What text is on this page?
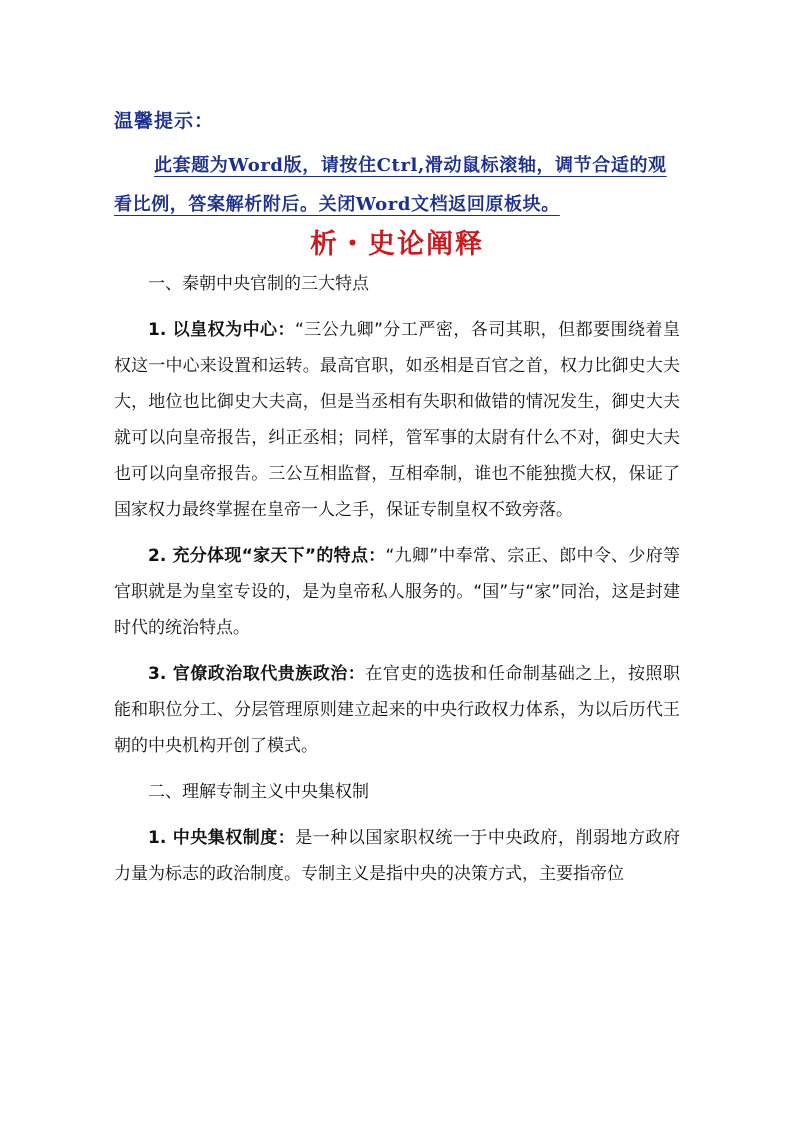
温馨提示：
此套题为Word版，请按住Ctrl,滑动鼠标滚轴，调节合适的观看比例，答案解析附后。关闭Word文档返回原板块。
析・史论阐释

一、秦朝中央官制的三大特点

1. 以皇权为中心：“三公九卿”分工严密，各司其职，但都要围绕着皇权这一中心来设置和运转。最高官职，如丞相是百官之首，权力比御史大夫大，地位也比御史大夫高，但是当丞相有失职和做错的情况发生，御史大夫就可以向皇帝报告，纠正丞相；同样，管军事的太尉有什么不对，御史大夫也可以向皇帝报告。三公互相监督，互相牵制，谁也不能独揽大权，保证了国家权力最终掌握在皇帝一人之手，保证专制皇权不致旁落。

2. 充分体现“家天下”的特点：“九卿”中奉常、宗正、郎中令、少府等官职就是为皇室专设的，是为皇帝私人服务的。“国”与“家”同治，这是封建时代的统治特点。

3. 官僚政治取代贵族政治：在官吏的选拔和任命制基础之上，按照职能和职位分工、分层管理原则建立起来的中央行政权力体系，为以后历代王朝的中央机构开创了模式。

二、理解专制主义中央集权制

1. 中央集权制度：是一种以国家职权统一于中央政府，削弱地方政府力量为标志的政治制度。专制主义是指中央的决策方式，主要指帝位
